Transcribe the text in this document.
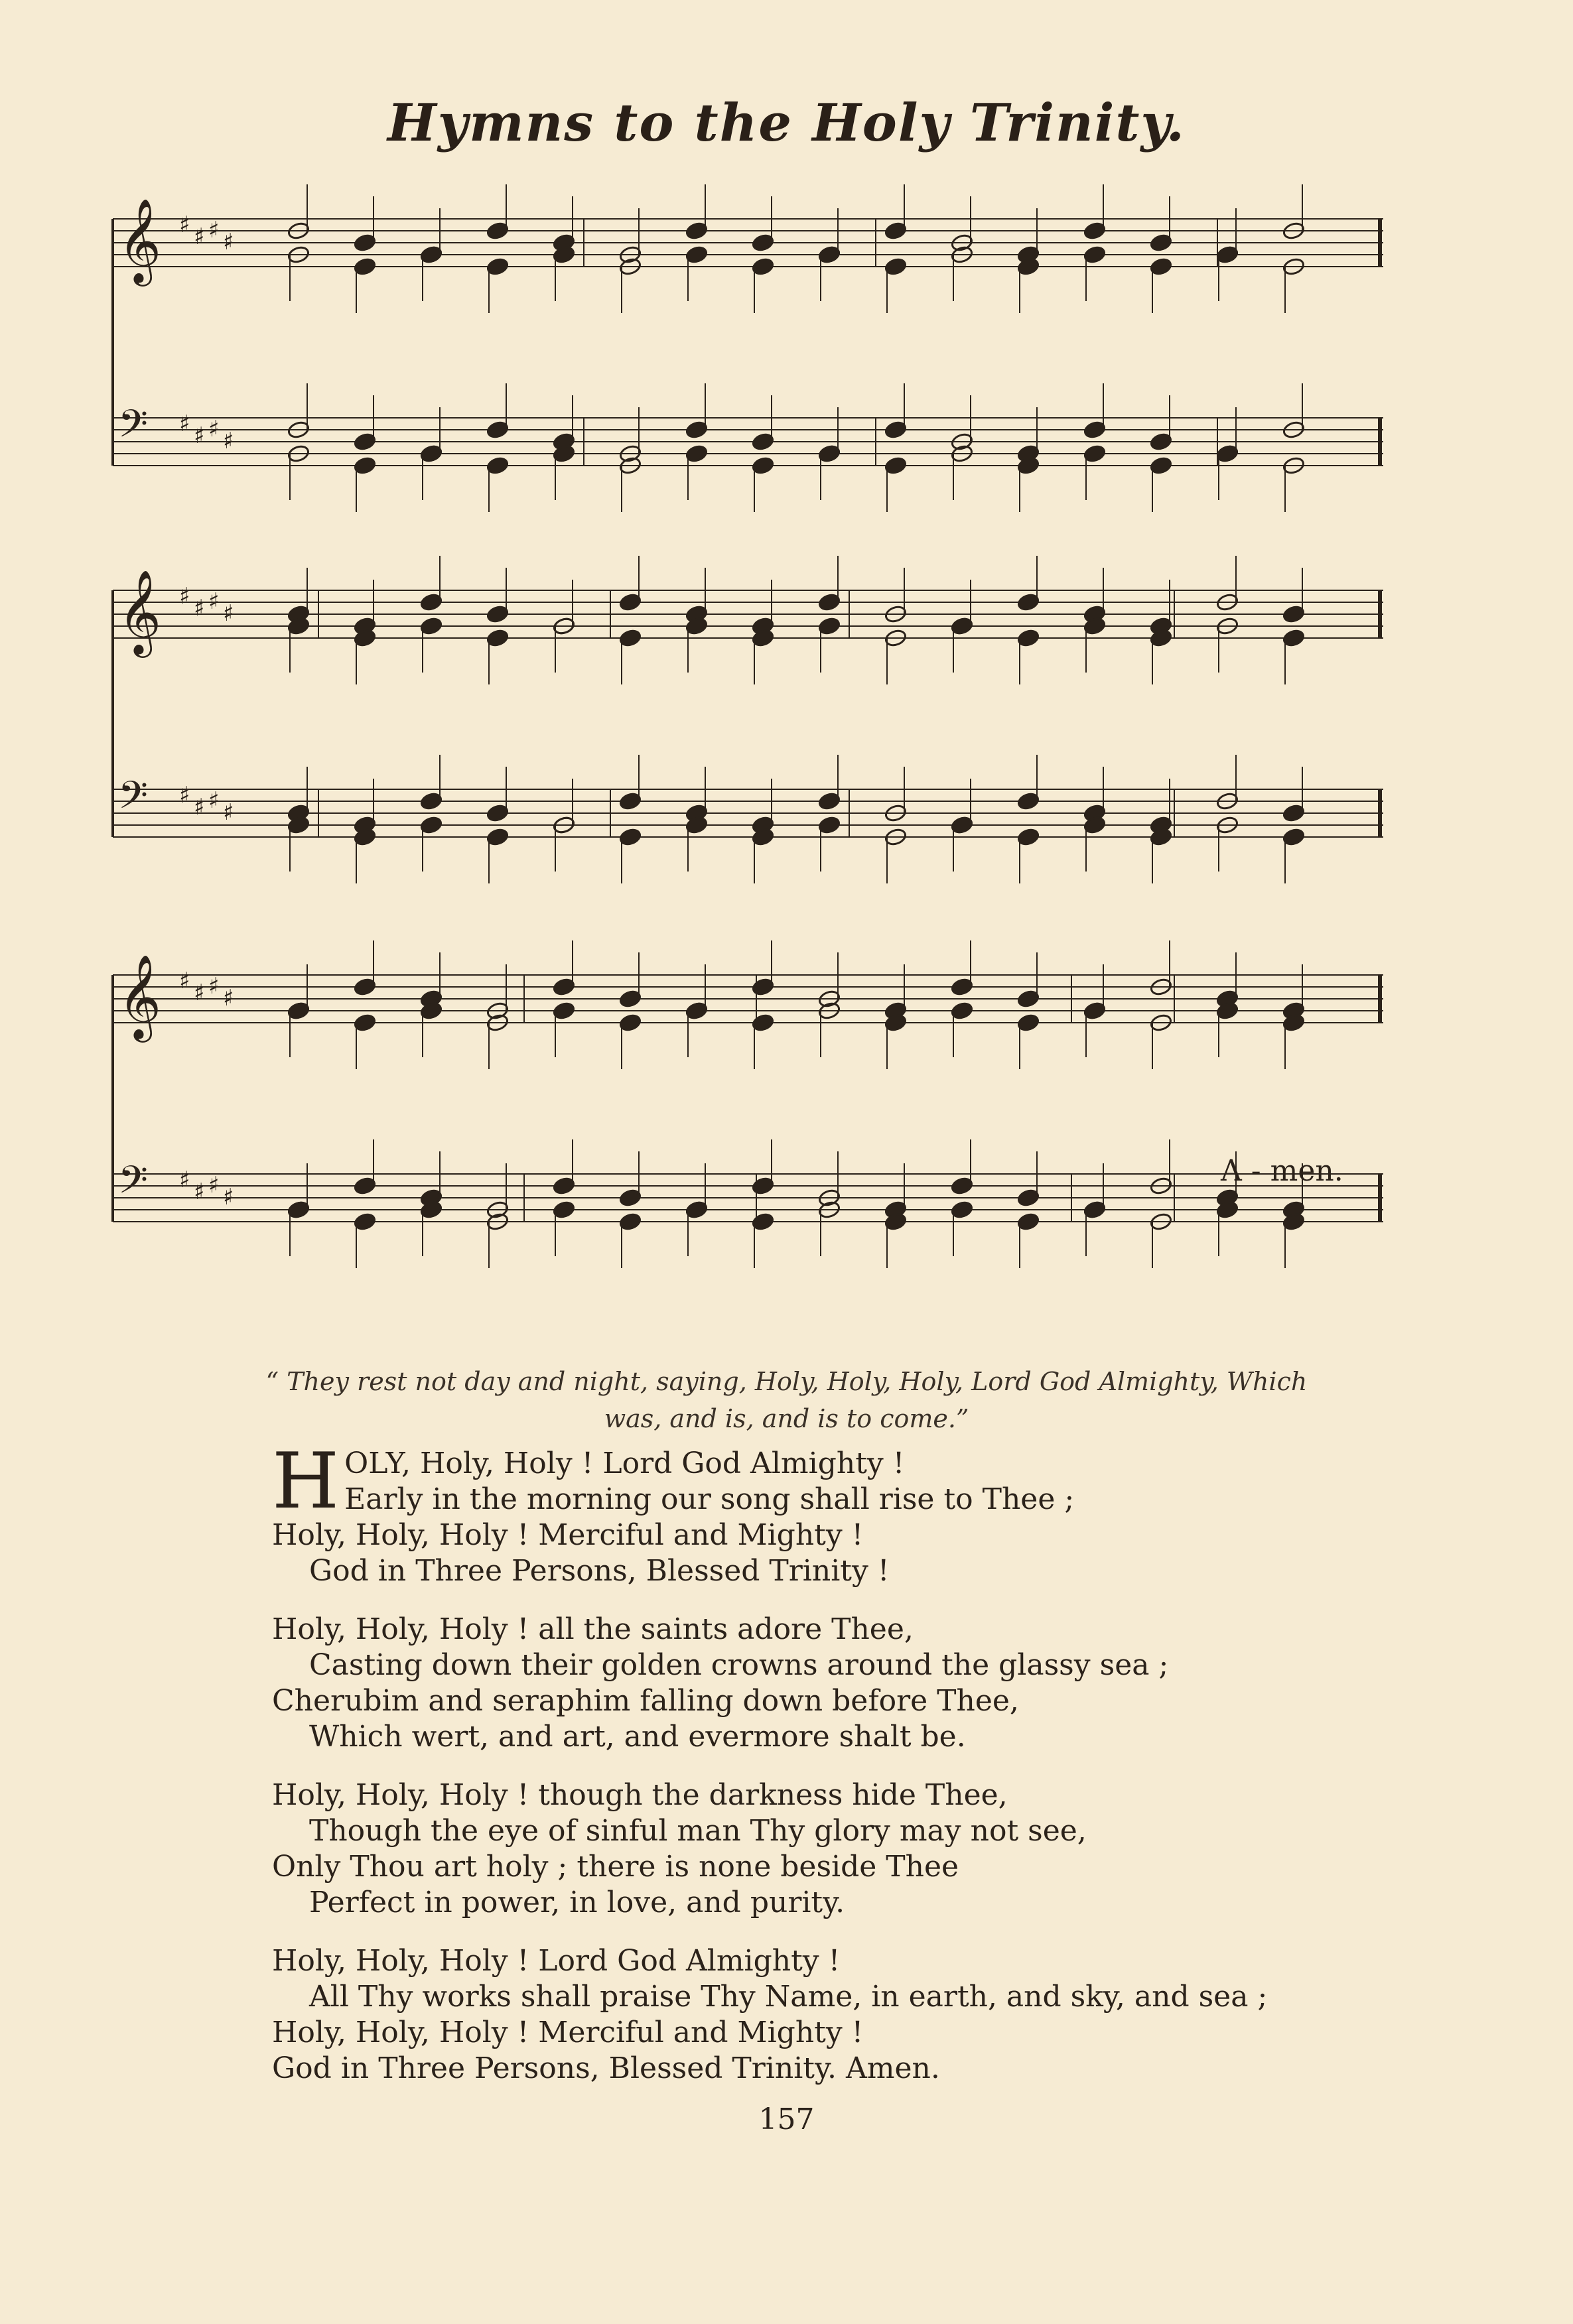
Hymns to the Holy Trinity.
𝄞 ♯ ♯ ♯ ♯
𝄢 ♯ ♯ ♯ ♯
𝄞 ♯ ♯ ♯ ♯
𝄢 ♯ ♯ ♯ ♯
𝄞 ♯ ♯ ♯ ♯
𝄢 ♯ ♯ ♯ ♯
A - men.
“ They rest not day and night, saying, Holy, Holy, Holy, Lord God Almighty, Which
was, and is, and is to come.”
H OLY, Holy, Holy ! Lord God Almighty !
Early in the morning our song shall rise to Thee ;
Holy, Holy, Holy ! Merciful and Mighty !
God in Three Persons, Blessed Trinity !
Holy, Holy, Holy ! all the saints adore Thee,
Casting down their golden crowns around the glassy sea ;
Cherubim and seraphim falling down before Thee,
Which wert, and art, and evermore shalt be.
Holy, Holy, Holy ! though the darkness hide Thee,
Though the eye of sinful man Thy glory may not see,
Only Thou art holy ; there is none beside Thee
Perfect in power, in love, and purity.
Holy, Holy, Holy ! Lord God Almighty !
All Thy works shall praise Thy Name, in earth, and sky, and sea ;
Holy, Holy, Holy ! Merciful and Mighty !
God in Three Persons, Blessed Trinity. Amen.
157
